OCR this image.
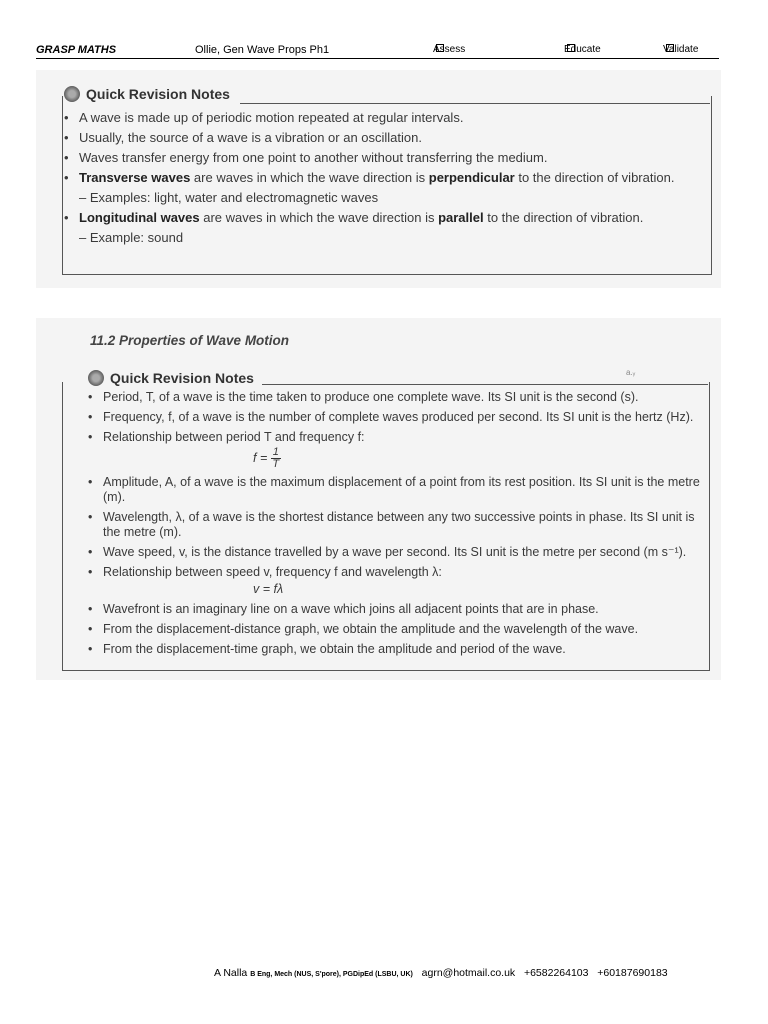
GRASP MATHS	Ollie, Gen Wave Props Ph1	Assess	Educate	Validate
Quick Revision Notes
• A wave is made up of periodic motion repeated at regular intervals.
• Usually, the source of a wave is a vibration or an oscillation.
• Waves transfer energy from one point to another without transferring the medium.
• Transverse waves are waves in which the wave direction is perpendicular to the direction of vibration.
– Examples: light, water and electromagnetic waves
• Longitudinal waves are waves in which the wave direction is parallel to the direction of vibration.
– Example: sound
11.2 Properties of Wave Motion
a.ᵧ
Quick Revision Notes
• Period, T, of a wave is the time taken to produce one complete wave. Its SI unit is the second (s).
• Frequency, f, of a wave is the number of complete waves produced per second. Its SI unit is the hertz (Hz).
• Relationship between period T and frequency f:
$f = \frac{1}{T}$
• Amplitude, A, of a wave is the maximum displacement of a point from its rest position. Its SI unit is the metre (m).
• Wavelength, λ, of a wave is the shortest distance between any two successive points in phase. Its SI unit is the metre (m).
• Wave speed, v, is the distance travelled by a wave per second. Its SI unit is the metre per second (m s⁻¹).
• Relationship between speed v, frequency f and wavelength λ:
v = fλ
• Wavefront is an imaginary line on a wave which joins all adjacent points that are in phase.
• From the displacement-distance graph, we obtain the amplitude and the wavelength of the wave.
• From the displacement-time graph, we obtain the amplitude and period of the wave.
A Nalla B Eng, Mech (NUS, S'pore), PGDipEd (LSBU, UK) agrn@hotmail.co.uk +6582264103 +60187690183
